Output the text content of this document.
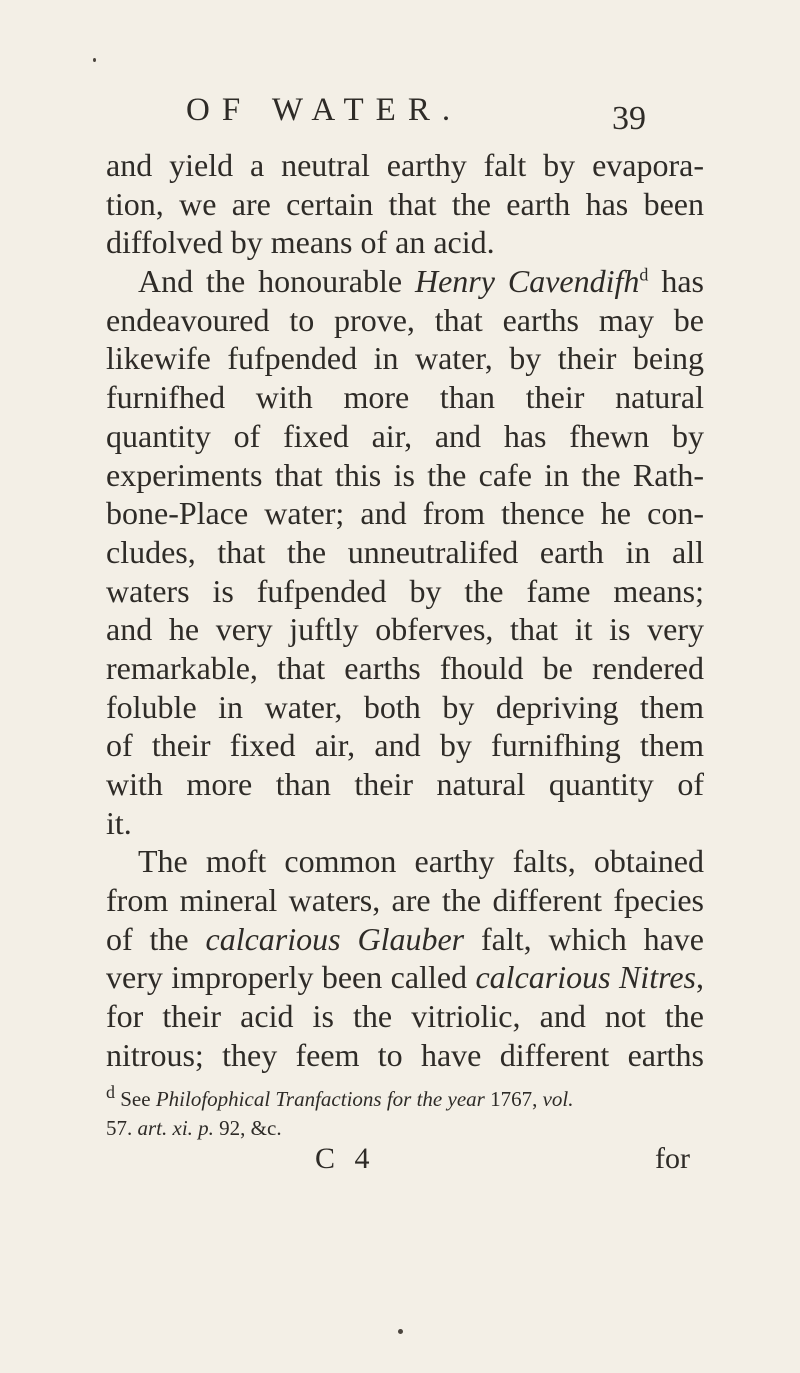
OF WATER.	39
and yield a neutral earthy falt by evapora-
tion, we are certain that the earth has been
diffolved by means of an acid.
And the honourable Henry Cavendifh$^d$ has
endeavoured to prove, that earths may be
likewife fufpended in water, by their being
furnifhed with more than their natural
quantity of fixed air, and has fhewn by
experiments that this is the cafe in the Rath-
bone-Place water; and from thence he con-
cludes, that the unneutralifed earth in all
waters is fufpended by the fame means;
and he very juftly obferves, that it is very
remarkable, that earths fhould be rendered
foluble in water, both by depriving them
of their fixed air, and by furnifhing them
with more than their natural quantity of
it.
The moft common earthy falts, obtained
from mineral waters, are the different fpecies
of the calcarious Glauber falt, which have
very improperly been called calcarious Nitres,
for their acid is the vitriolic, and not the
nitrous; they feem to have different earths
d See Philofophical Tranfactions for the year 1767, vol.
57. art. xi. p. 92, &c.
C 4	for
